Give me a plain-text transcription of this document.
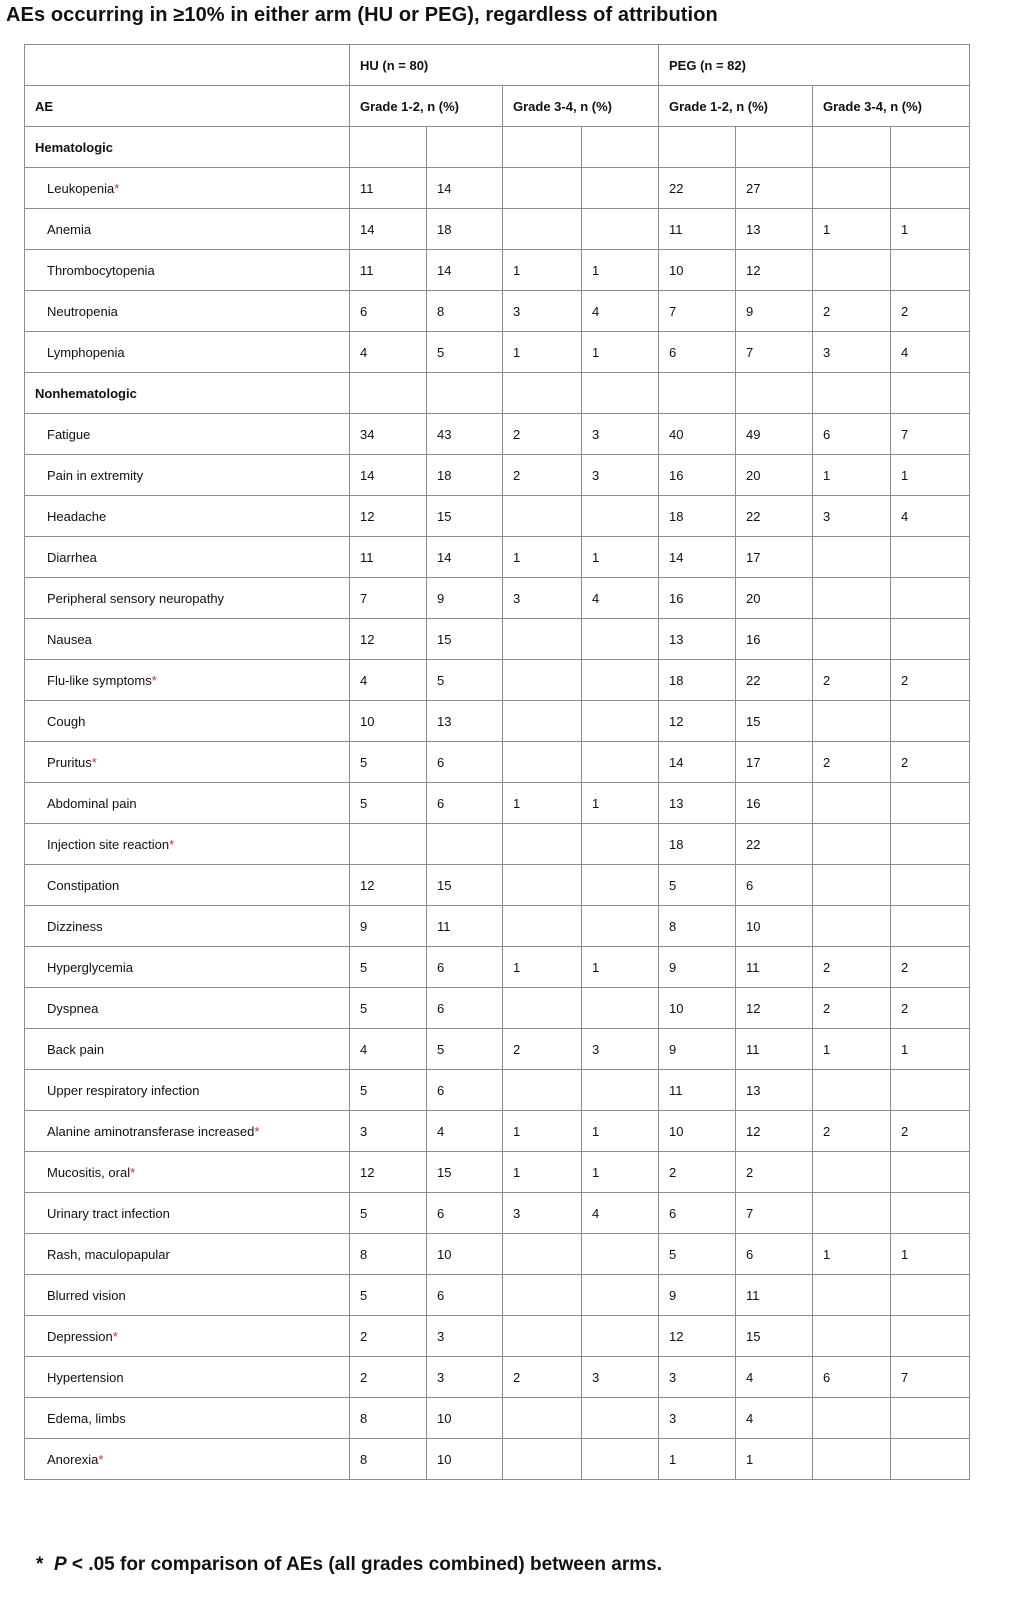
AEs occurring in ≥10% in either arm (HU or PEG), regardless of attribution
	HU (n = 80)				PEG (n = 82)			
AE	Grade 1-2, n (%)		Grade 3-4, n (%)		Grade 1-2, n (%)		Grade 3-4, n (%)	
Hematologic								
Leukopenia*	11	14			22	27		
Anemia	14	18			11	13	1	1
Thrombocytopenia	11	14	1	1	10	12		
Neutropenia	6	8	3	4	7	9	2	2
Lymphopenia	4	5	1	1	6	7	3	4
Nonhematologic								
Fatigue	34	43	2	3	40	49	6	7
Pain in extremity	14	18	2	3	16	20	1	1
Headache	12	15			18	22	3	4
Diarrhea	11	14	1	1	14	17		
Peripheral sensory neuropathy	7	9	3	4	16	20		
Nausea	12	15			13	16		
Flu-like symptoms*	4	5			18	22	2	2
Cough	10	13			12	15		
Pruritus*	5	6			14	17	2	2
Abdominal pain	5	6	1	1	13	16		
Injection site reaction*					18	22		
Constipation	12	15			5	6		
Dizziness	9	11			8	10		
Hyperglycemia	5	6	1	1	9	11	2	2
Dyspnea	5	6			10	12	2	2
Back pain	4	5	2	3	9	11	1	1
Upper respiratory infection	5	6			11	13		
Alanine aminotransferase increased*	3	4	1	1	10	12	2	2
Mucositis, oral*	12	15	1	1	2	2		
Urinary tract infection	5	6	3	4	6	7		
Rash, maculopapular	8	10			5	6	1	1
Blurred vision	5	6			9	11		
Depression*	2	3			12	15		
Hypertension	2	3	2	3	3	4	6	7
Edema, limbs	8	10			3	4		
Anorexia*	8	10			1	1		
* P < .05 for comparison of AEs (all grades combined) between arms.
